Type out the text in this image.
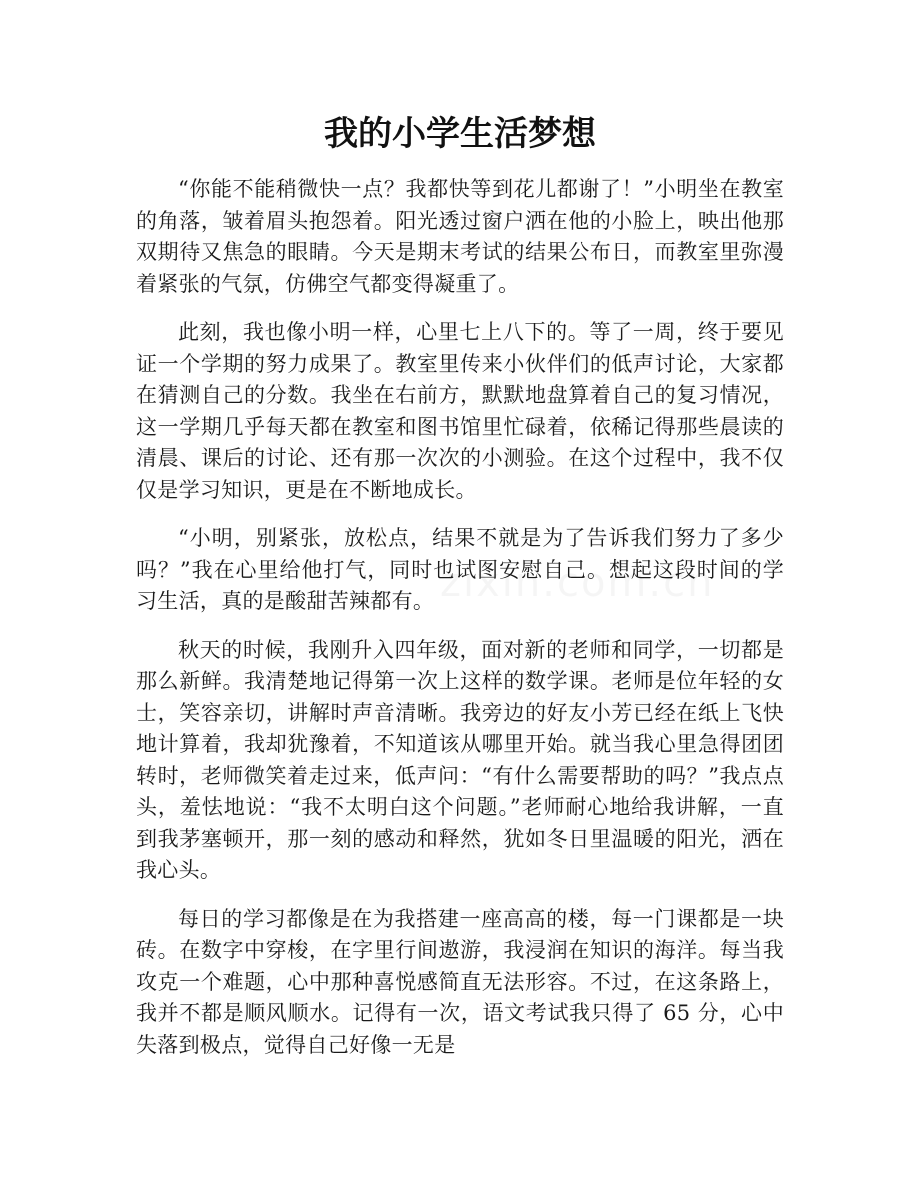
我的小学生活梦想

“你能不能稍微快一点？我都快等到花儿都谢了！”小明坐在教室的角落，皱着眉头抱怨着。阳光透过窗户洒在他的小脸上，映出他那双期待又焦急的眼睛。今天是期末考试的结果公布日，而教室里弥漫着紧张的气氛，仿佛空气都变得凝重了。

此刻，我也像小明一样，心里七上八下的。等了一周，终于要见证一个学期的努力成果了。教室里传来小伙伴们的低声讨论，大家都在猜测自己的分数。我坐在右前方，默默地盘算着自己的复习情况，这一学期几乎每天都在教室和图书馆里忙碌着，依稀记得那些晨读的清晨、课后的讨论、还有那一次次的小测验。在这个过程中，我不仅仅是学习知识，更是在不断地成长。

“小明，别紧张，放松点，结果不就是为了告诉我们努力了多少吗？”我在心里给他打气，同时也试图安慰自己。想起这段时间的学习生活，真的是酸甜苦辣都有。

秋天的时候，我刚升入四年级，面对新的老师和同学，一切都是那么新鲜。我清楚地记得第一次上这样的数学课。老师是位年轻的女士，笑容亲切，讲解时声音清晰。我旁边的好友小芳已经在纸上飞快地计算着，我却犹豫着，不知道该从哪里开始。就当我心里急得团团转时，老师微笑着走过来，低声问：“有什么需要帮助的吗？”我点点头，羞怯地说：“我不太明白这个问题。”老师耐心地给我讲解，一直到我茅塞顿开，那一刻的感动和释然，犹如冬日里温暖的阳光，洒在我心头。

每日的学习都像是在为我搭建一座高高的楼，每一门课都是一块砖。在数字中穿梭，在字里行间遨游，我浸润在知识的海洋。每当我攻克一个难题，心中那种喜悦感简直无法形容。不过，在这条路上，我并不都是顺风顺水。记得有一次，语文考试我只得了 65 分，心中失落到极点，觉得自己好像一无是
